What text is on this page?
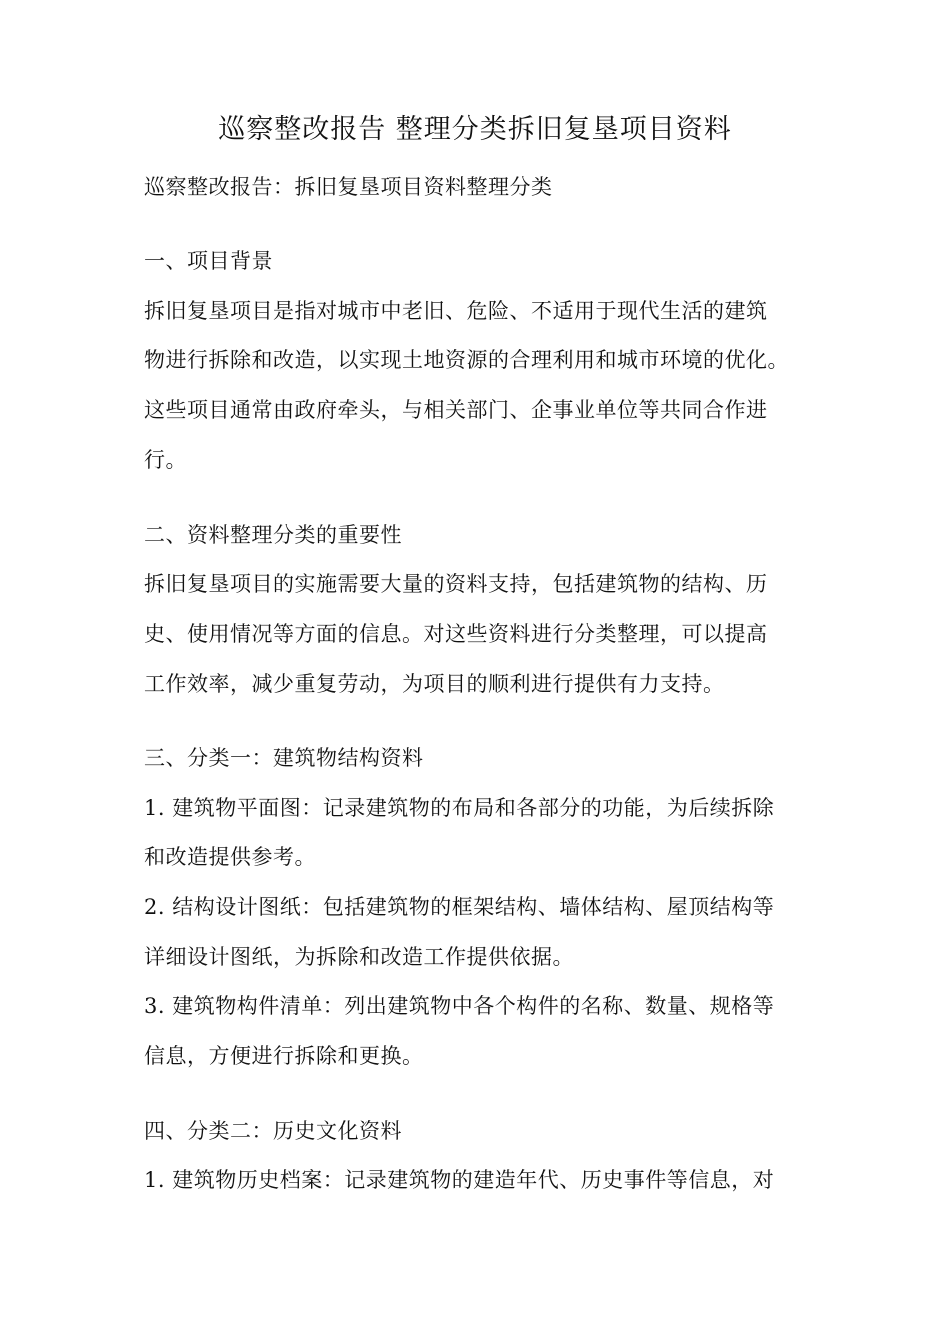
巡察整改报告 整理分类拆旧复垦项目资料
巡察整改报告：拆旧复垦项目资料整理分类
一、项目背景
拆旧复垦项目是指对城市中老旧、危险、不适用于现代生活的建筑
物进行拆除和改造，以实现土地资源的合理利用和城市环境的优化。
这些项目通常由政府牵头，与相关部门、企事业单位等共同合作进
行。
二、资料整理分类的重要性
拆旧复垦项目的实施需要大量的资料支持，包括建筑物的结构、历
史、使用情况等方面的信息。对这些资料进行分类整理，可以提高
工作效率，减少重复劳动，为项目的顺利进行提供有力支持。
三、分类一：建筑物结构资料
1. 建筑物平面图：记录建筑物的布局和各部分的功能，为后续拆除
和改造提供参考。
2. 结构设计图纸：包括建筑物的框架结构、墙体结构、屋顶结构等
详细设计图纸，为拆除和改造工作提供依据。
3. 建筑物构件清单：列出建筑物中各个构件的名称、数量、规格等
信息，方便进行拆除和更换。
四、分类二：历史文化资料
1. 建筑物历史档案：记录建筑物的建造年代、历史事件等信息，对
